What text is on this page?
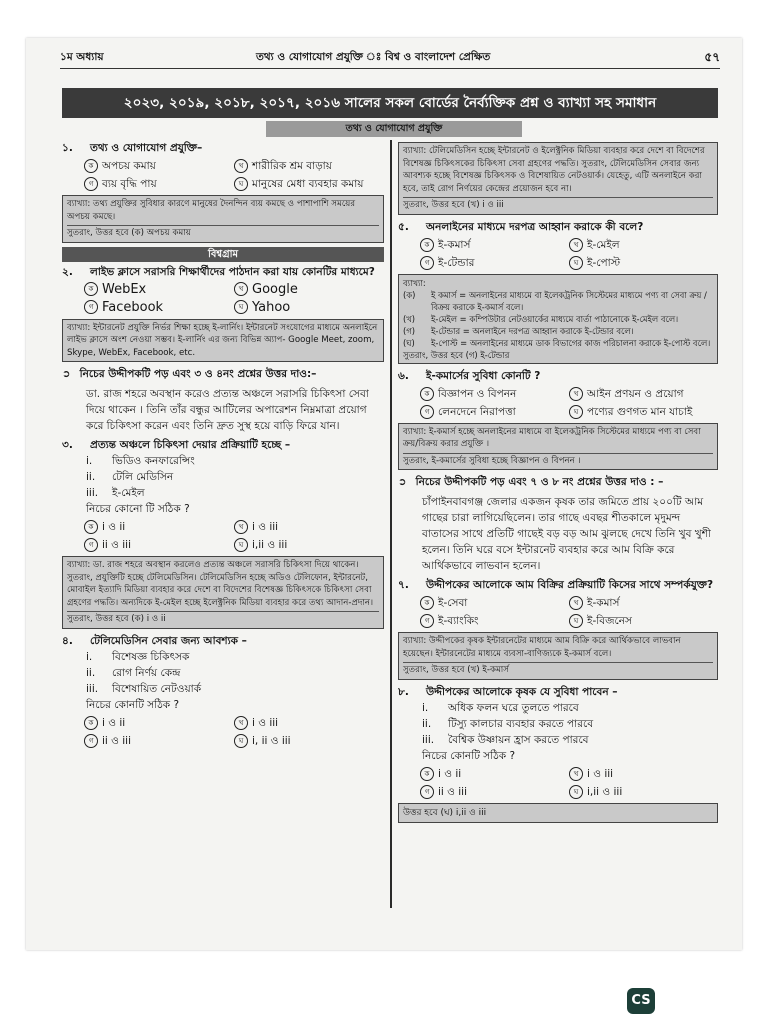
১ম অধ্যায়	তথ্য ও যোগাযোগ প্রযুক্তি ঃ বিশ্ব ও বাংলাদেশ প্রেক্ষিত	৫৭
২০২৩, ২০১৯, ২০১৮, ২০১৭, ২০১৬ সালের সকল বোর্ডের নৈর্ব্যক্তিক প্রশ্ন ও ব্যাখ্যা সহ সমাধান
তথ্য ও যোগাযোগ প্রযুক্তি
১.	তথ্য ও যোগাযোগ প্রযুক্তি–
ক অপচয় কমায়	খ শারীরিক শ্রম বাড়ায়
গ ব্যয় বৃদ্ধি পায়	ঘ মানুষের মেধা ব্যবহার কমায়
ব্যাখ্যা: তথ্য প্রযুক্তির সুবিধার কারণে মানুষের দৈনন্দিন ব্যয় কমছে ও পাশাপাশি সময়ের অপচয় কমছে।
সুতরাং, উত্তর হবে (ক) অপচয় কমায়
বিশ্বগ্রাম
২.	লাইভ ক্লাসে সরাসরি শিক্ষার্থীদের পাঠদান করা যায় কোনটির মাধ্যমে?
ক WebEx	খ Google
গ Facebook	ঘ Yahoo
ব্যাখ্যা: ইন্টারনেট প্রযুক্তি নির্ভর শিক্ষা হচ্ছে ই-লার্নিং। ইন্টারনেট সংযোগের মাধ্যমে অনলাইনে লাইভ ক্লাসে অংশ নেওয়া সম্ভব। ই-লার্নিং এর জন্য বিভিন্ন অ্যাপ- Google Meet, zoom, Skype, WebEx, Facebook, etc.
➲ নিচের উদ্দীপকটি পড় এবং ৩ ও ৪নং প্রশ্নের উত্তর দাও:–
ডা. রাজ শহরে অবস্থান করেও প্রত্যন্ত অঞ্চলে সরাসরি চিকিৎসা সেবা দিয়ে থাকেন । তিনি তাঁর বন্ধুর আটিলের অপারেশন নিম্নমাত্রা প্রয়োগ করে চিকিৎসা করেন এবং তিনি দ্রুত সুস্থ হয়ে বাড়ি ফিরে যান।
৩.	প্রত্যন্ত অঞ্চলে চিকিৎসা দেয়ার প্রক্রিয়াটি হচ্ছে –
i.	ভিডিও কনফারেন্সিং
ii.	টেলি মেডিসিন
iii.	ই-মেইল
নিচের কোনো টি সঠিক ?
ক i ও ii	খ i ও iii
গ ii ও iii	ঘ i,ii ও iii
ব্যাখ্যা: ডা. রাজ শহরে অবস্থান করলেও প্রত্যন্ত অঞ্চলে সরাসরি চিকিৎসা দিয়ে থাকেন। সুতরাং, প্রযুক্তিটি হচ্ছে টেলিমেডিসিন। টেলিমেডিসিন হচ্ছে অডিও টেলিফোন, ইন্টারনেট, মোবাইল ইত্যাদি মিডিয়া ব্যবহার করে দেশে বা বিদেশের বিশেষজ্ঞ চিকিৎসকে চিকিৎসা সেবা গ্রহণের পদ্ধতি। অন্যদিকে ই-মেইল হচ্ছে ইলেক্ট্রনিক মিডিয়া ব্যবহার করে তথ্য আদান-প্রদান।
সুতরাং, উত্তর হবে (ক) i ও ii
৪.	টেলিমেডিসিন সেবার জন্য আবশ্যক –
i.	বিশেষজ্ঞ চিকিৎসক
ii.	রোগ নির্ণয় কেন্দ্র
iii.	বিশেষায়িত নেটওয়ার্ক
নিচের কোনটি সঠিক ?
ক i ও ii	খ i ও iii
গ ii ও iii	ঘ i, ii ও iii
ব্যাখ্যা: টেলিমেডিসিন হচ্ছে ইন্টারনেট ও ইলেক্ট্রনিক মিডিয়া ব্যবহার করে দেশে বা বিদেশের বিশেষজ্ঞ চিকিৎসকের চিকিৎসা সেবা গ্রহণের পদ্ধতি। সুতরাং, টেলিমেডিসিন সেবার জন্য আবশ্যক হচ্ছে বিশেষজ্ঞ চিকিৎসক ও বিশেষায়িত নেটওয়ার্ক। যেহেতু, এটি অনলাইনে করা হবে, তাই রোগ নির্ণয়ের কেন্দ্রের প্রয়োজন হবে না।
সুতরাং, উত্তর হবে (খ) i ও iii
৫.	অনলাইনের মাধ্যমে দরপত্র আহ্বান করাকে কী বলে?
ক ই-কমার্স	খ ই-মেইল
গ ই-টেন্ডার	ঘ ই-পোস্ট
ব্যাখ্যা:
(ক)	ই কমার্স = অনলাইনের মাধ্যমে বা ইলেকট্রনিক সিস্টেমের মাধ্যমে পণ্য বা সেবা ক্রয় / বিক্রয় করাকে ই-কমার্স বলে।
(খ)	ই-মেইল = কম্পিউটার নেটওয়ার্কের মাধ্যমে বার্তা পাঠানোকে ই-মেইল বলে।
(গ)	ই-টেন্ডার = অনলাইনে দরপত্র আহ্বান করাকে ই-টেন্ডার বলে।
(ঘ)	ই-পোস্ট = অনলাইনের মাধ্যমে ডাক বিভাগের কাজ পরিচালনা করাকে ই-পোস্ট বলে।
সুতরাং, উত্তর হবে (গ) ই-টেন্ডার
৬.	ই-কমার্সের সুবিধা কোনটি ?
ক বিজ্ঞাপন ও বিপনন	খ আইন প্রণয়ন ও প্রয়োগ
গ লেনদেনে নিরাপত্তা	ঘ পণ্যের গুণগত মান যাচাই
ব্যাখ্যা: ই-কমার্স হচ্ছে অনলাইনের মাধ্যমে বা ইলেকট্রনিক সিস্টেমের মাধ্যমে পণ্য বা সেবা ক্রয়/বিক্রয় করার প্রযুক্তি ।
সুতরাং, ই-কমার্সের সুবিধা হচ্ছে বিজ্ঞাপন ও বিপনন ।
➲ নিচের উদ্দীপকটি পড় এবং ৭ ও ৮ নং প্রশ্নের উত্তর দাও : –
চাঁপাইনবাবগঞ্জ জেলার একজন কৃষক তার জমিতে প্রায় ২০০টি আম গাছের চারা লাগিয়েছিলেন। তার গাছে এবছর শীতকালে মৃদুমন্দ বাতাসের সাথে প্রতিটি গাছেই বড় বড় আম ঝুলছে দেখে তিনি খুব খুশী হলেন। তিনি ঘরে বসে ইন্টারনেট ব্যবহার করে আম বিক্রি করে আর্থিকভাবে লাভবান হলেন।
৭.	উদ্দীপকের আলোকে আম বিক্রির প্রক্রিয়াটি কিসের সাথে সম্পর্কযুক্ত?
ক ই-সেবা	খ ই-কমার্স
গ ই-ব্যাংকিং	ঘ ই-বিজনেস
ব্যাখ্যা: উদ্দীপকের কৃষক ইন্টারনেটের মাধ্যমে আম বিক্রি করে আর্থিকভাবে লাভবান হয়েছেন। ইন্টারনেটের মাধ্যমে ব্যবসা-বাণিজ্যকে ই-কমার্স বলে।
সুতরাং, উত্তর হবে (খ) ই-কমার্স
৮.	উদ্দীপকের আলোকে কৃষক যে সুবিধা পাবেন –
i.	অধিক ফলন ঘরে তুলতে পারবে
ii.	টিস্যু কালচার ব্যবহার করতে পারবে
iii.	বৈশ্বিক উষ্ণায়ন হ্রাস করতে পারবে
নিচের কোনটি সঠিক ?
ক i ও ii	খ i ও iii
গ ii ও iii	ঘ i,ii ও iii
উত্তর হবে (ঘ) i,ii ও iii
CS
